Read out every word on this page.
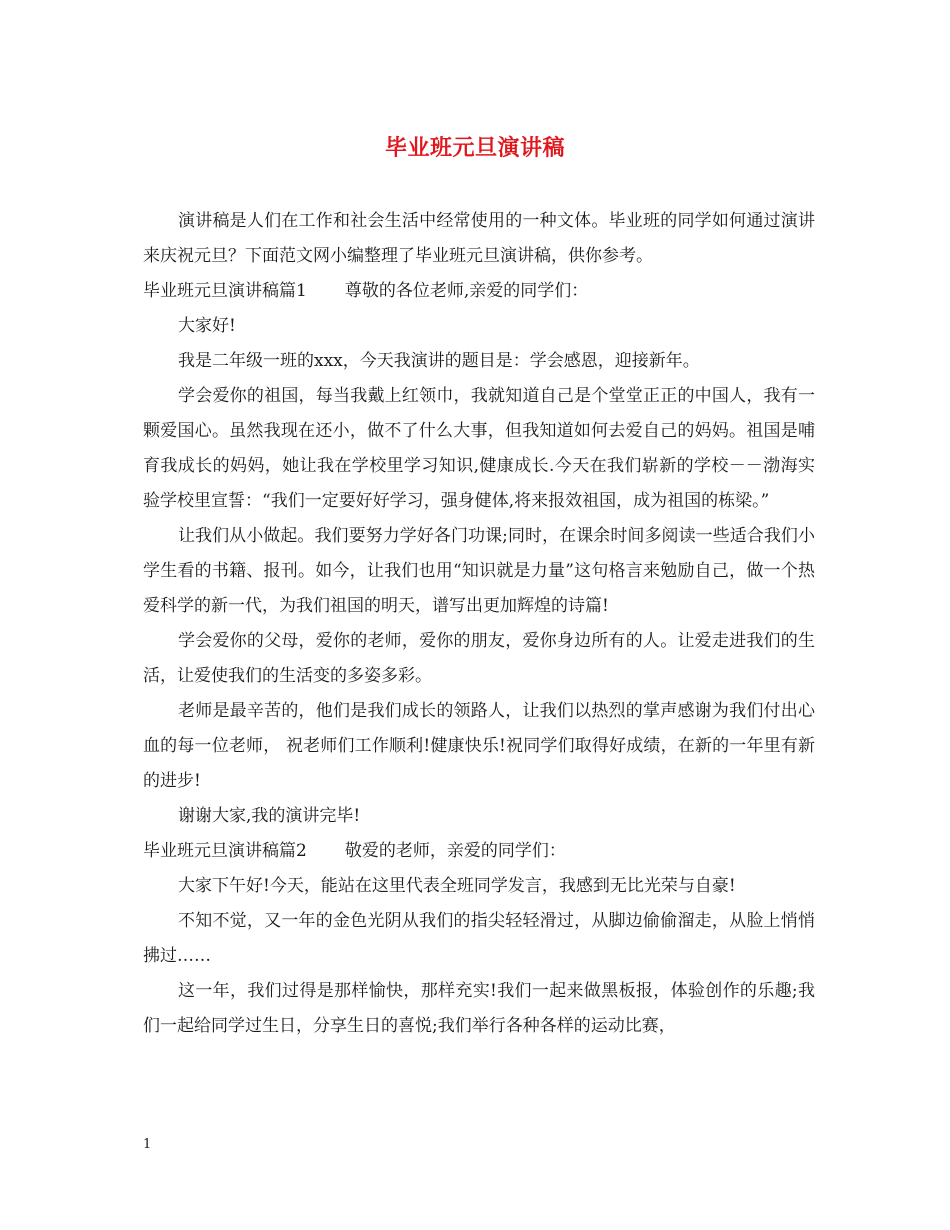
毕业班元旦演讲稿

演讲稿是人们在工作和社会生活中经常使用的一种文体。毕业班的同学如何通过演讲来庆祝元旦？下面范文网小编整理了毕业班元旦演讲稿，供你参考。

毕业班元旦演讲稿篇1 尊敬的各位老师,亲爱的同学们：

大家好!

我是二年级一班的xxx，今天我演讲的题目是：学会感恩，迎接新年。

学会爱你的祖国，每当我戴上红领巾，我就知道自己是个堂堂正正的中国人，我有一颗爱国心。虽然我现在还小，做不了什么大事，但我知道如何去爱自己的妈妈。祖国是哺育我成长的妈妈，她让我在学校里学习知识,健康成长.今天在我们崭新的学校－－渤海实验学校里宣誓：“我们一定要好好学习，强身健体,将来报效祖国，成为祖国的栋梁。”

让我们从小做起。我们要努力学好各门功课;同时，在课余时间多阅读一些适合我们小学生看的书籍、报刊。如今，让我们也用“知识就是力量”这句格言来勉励自己，做一个热爱科学的新一代，为我们祖国的明天，谱写出更加辉煌的诗篇!

学会爱你的父母，爱你的老师，爱你的朋友，爱你身边所有的人。让爱走进我们的生活，让爱使我们的生活变的多姿多彩。

老师是最辛苦的，他们是我们成长的领路人，让我们以热烈的掌声感谢为我们付出心血的每一位老师， 祝老师们工作顺利!健康快乐!祝同学们取得好成绩，在新的一年里有新的进步!

谢谢大家,我的演讲完毕!

毕业班元旦演讲稿篇2 敬爱的老师，亲爱的同学们：

大家下午好!今天，能站在这里代表全班同学发言，我感到无比光荣与自豪!

不知不觉，又一年的金色光阴从我们的指尖轻轻滑过，从脚边偷偷溜走，从脸上悄悄拂过……

这一年，我们过得是那样愉快，那样充实!我们一起来做黑板报，体验创作的乐趣;我们一起给同学过生日，分享生日的喜悦;我们举行各种各样的运动比赛，

1
